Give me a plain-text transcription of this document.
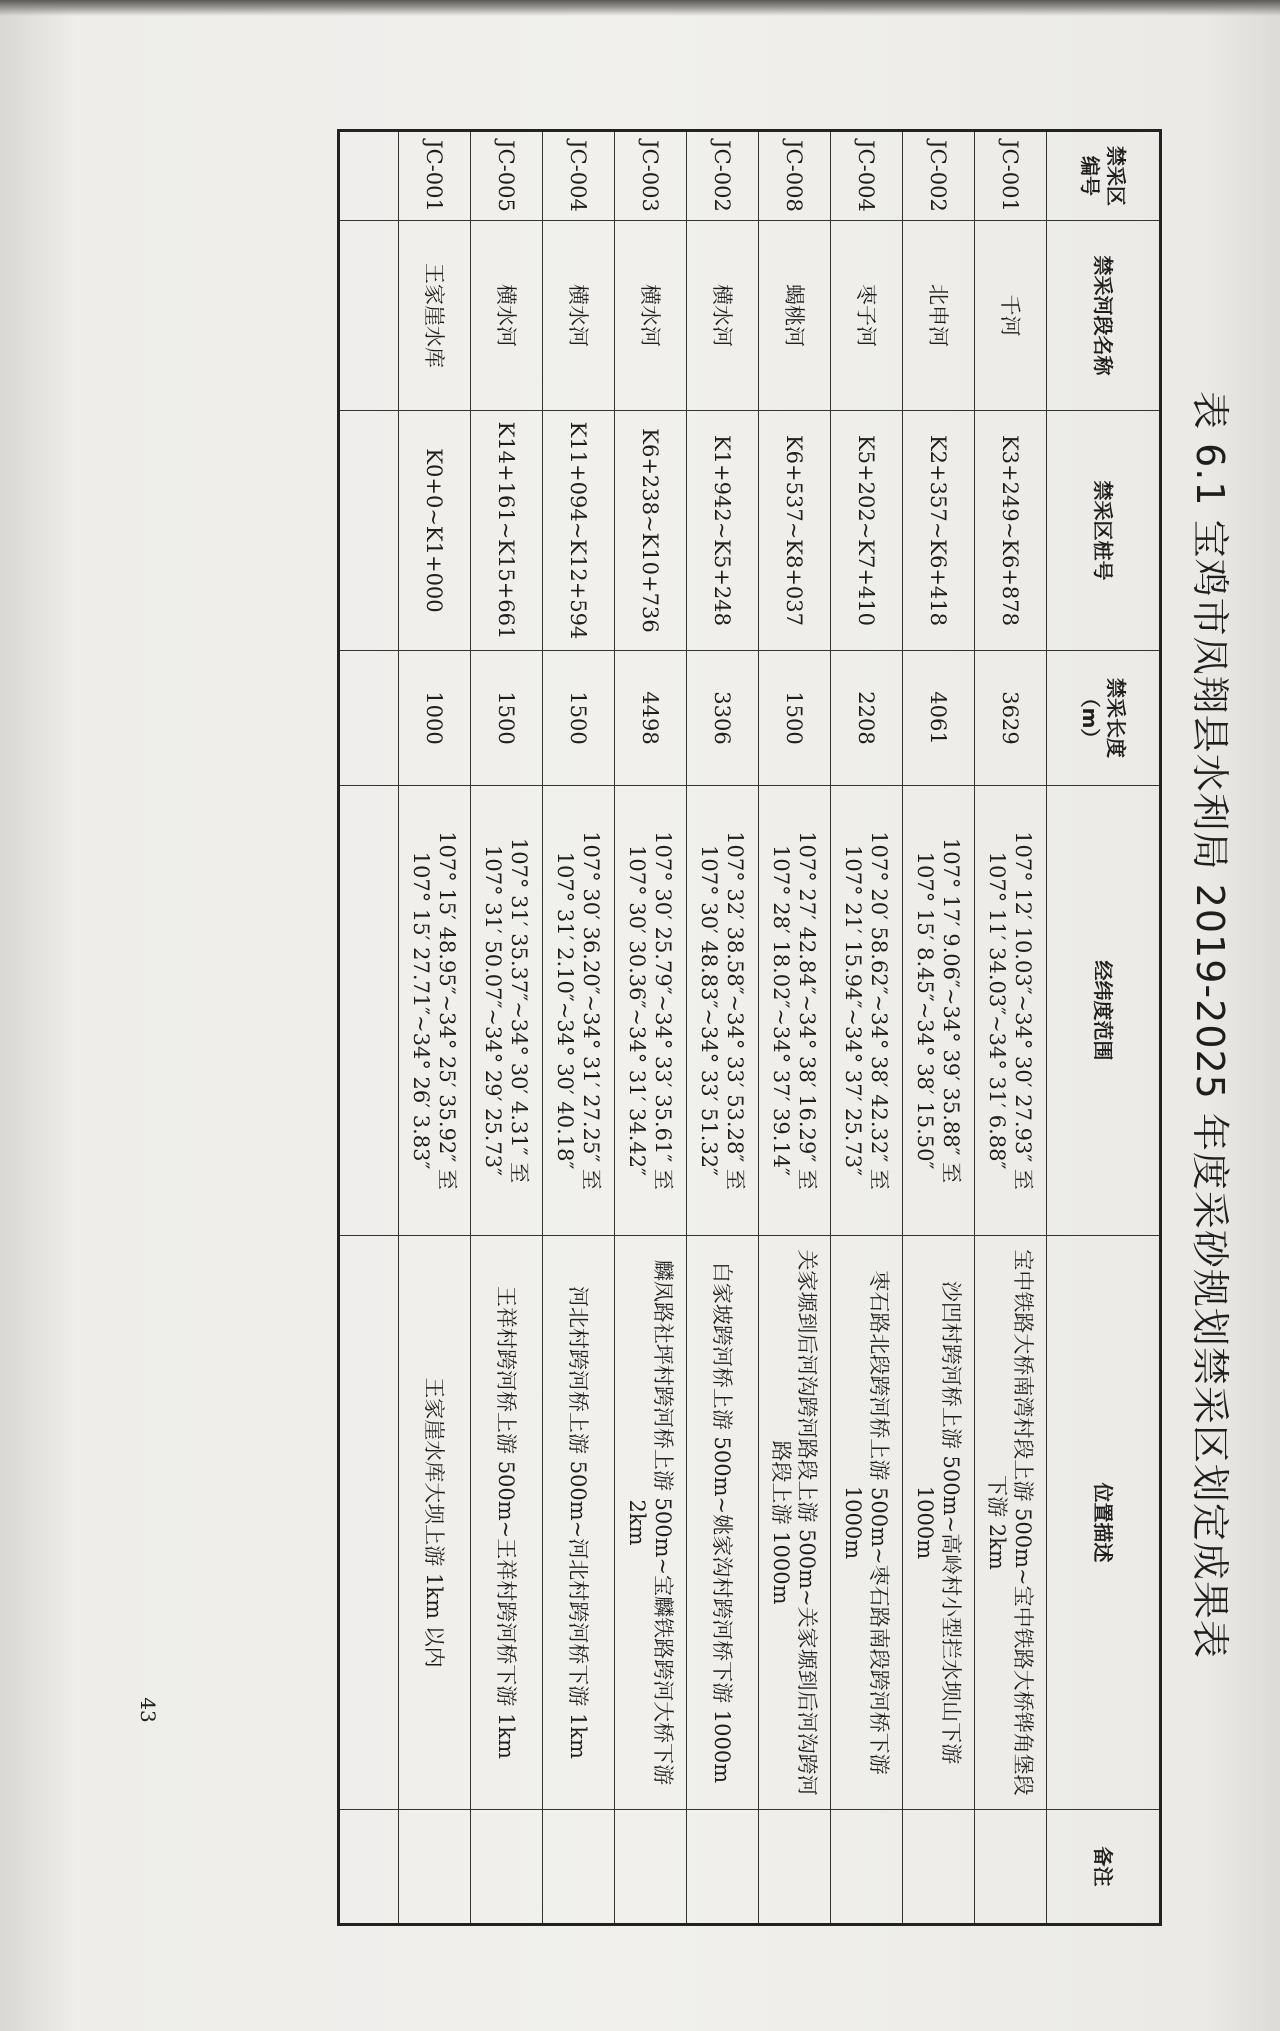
表 6.1 宝鸡市凤翔县水利局 2019-2025 年度采砂规划禁采区划定成果表
禁采区编号	禁采河段名称	禁采区桩号	禁采长度（m）	经纬度范围	位置描述	备注
JC-001	千河	K3+249~K6+878	3629	107° 12′ 10.03″~34° 30′ 27.93″ 至
107° 11′ 34.03″~34° 31′ 6.88″	宝中铁路大桥南湾村段上游 500m~宝中铁路大桥铧角堡段下游 2km	
JC-002	北申河	K2+357~K6+418	4061	107° 17′ 9.06″~34° 39′ 35.88″ 至
107° 15′ 8.45″~34° 38′ 15.50″	沙凹村跨河桥上游 500m~高岭村小型拦水坝山下游 1000m	
JC-004	枣子河	K5+202~K7+410	2208	107° 20′ 58.62″~34° 38′ 42.32″ 至
107° 21′ 15.94″~34° 37′ 25.73″	枣石路北段跨河桥上游 500m~枣石路南段跨河桥下游 1000m	
JC-008	蝎桃河	K6+537~K8+037	1500	107° 27′ 42.84″~34° 38′ 16.29″ 至
107° 28′ 18.02″~34° 37′ 39.14″	关家塬到后河沟跨河路段上游 500m~关家塬到后河沟跨河路段上游 1000m	
JC-002	横水河	K1+942~K5+248	3306	107° 32′ 38.58″~34° 33′ 53.28″ 至
107° 30′ 48.83″~34° 33′ 51.32″	白家坡跨河桥上游 500m~姚家沟村跨河桥下游 1000m	
JC-003	横水河	K6+238~K10+736	4498	107° 30′ 25.79″~34° 33′ 35.61″ 至
107° 30′ 30.36″~34° 31′ 34.42″	麟凤路社坪村跨河桥上游 500m~宝麟铁路跨河大桥下游 2km	
JC-004	横水河	K11+094~K12+594	1500	107° 30′ 36.20″~34° 31′ 27.25″ 至
107° 31′ 2.10″~34° 30′ 40.18″	河北村跨河桥上游 500m~河北村跨河桥下游 1km	
JC-005	横水河	K14+161~K15+661	1500	107° 31′ 35.37″~34° 30′ 4.31″ 至
107° 31′ 50.07″~34° 29′ 25.73″	王祥村跨河桥上游 500m~王祥村跨河桥下游 1km	
JC-001	王家崖水库	K0+0~K1+000	1000	107° 15′ 48.95″~34° 25′ 35.92″ 至
107° 15′ 27.71″~34° 26′ 3.83″	王家崖水库大坝上游 1km 以内	

43
